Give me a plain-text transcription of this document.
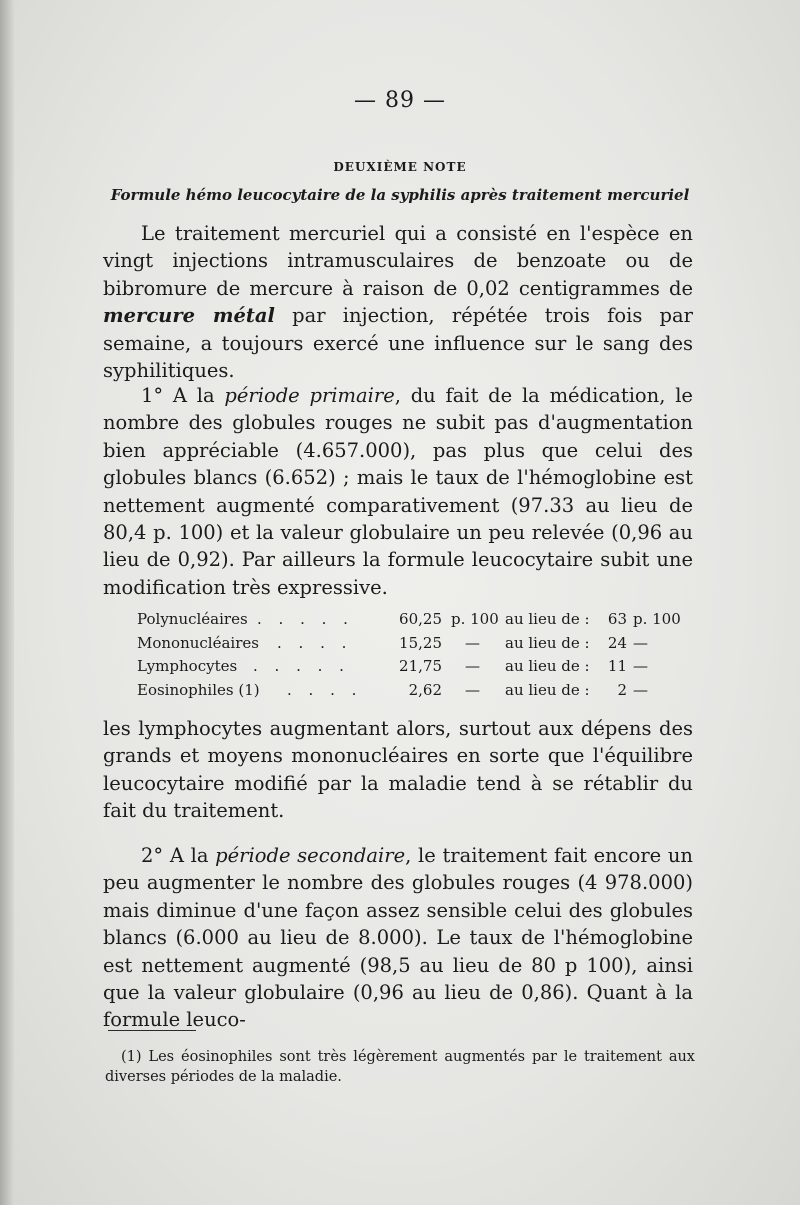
— 89 —
DEUXIÈME NOTE
Formule hémo leucocytaire de la syphilis après traitement mercuriel

Le traitement mercuriel qui a consisté en l'espèce en vingt injections intramusculaires de benzoate ou de bibromure de mercure à raison de 0,02 centigrammes de mercure métal par injection, répétée trois fois par semaine, a toujours exercé une influence sur le sang des syphilitiques.

1° A la période primaire, du fait de la médication, le nombre des globules rouges ne subit pas d'augmentation bien appréciable (4.657.000), pas plus que celui des globules blancs (6.652) ; mais le taux de l'hémoglobine est nettement augmenté comparativement (97.33 au lieu de 80,4 p. 100) et la valeur globulaire un peu relevée (0,96 au lieu de 0,92). Par ailleurs la formule leucocytaire subit une modification très expressive.

Polynucléaires . . . . .	60,25 p. 100 au lieu de :	63 p. 100
Mononucléaires . . . .	15,25 — au lieu de :	24 —
Lymphocytes . . . . .	21,75 — au lieu de :	11 —
Eosinophiles (1) . . . .	2,62 — au lieu de :	2 —

les lymphocytes augmentant alors, surtout aux dépens des grands et moyens mononucléaires en sorte que l'équilibre leucocytaire modifié par la maladie tend à se rétablir du fait du traitement.

2° A la période secondaire, le traitement fait encore un peu augmenter le nombre des globules rouges (4 978.000) mais diminue d'une façon assez sensible celui des globules blancs (6.000 au lieu de 8.000). Le taux de l'hémoglobine est nettement augmenté (98,5 au lieu de 80 p 100), ainsi que la valeur globulaire (0,96 au lieu de 0,86). Quant à la formule leuco-

(1) Les éosinophiles sont très légèrement augmentés par le traitement aux diverses périodes de la maladie.
